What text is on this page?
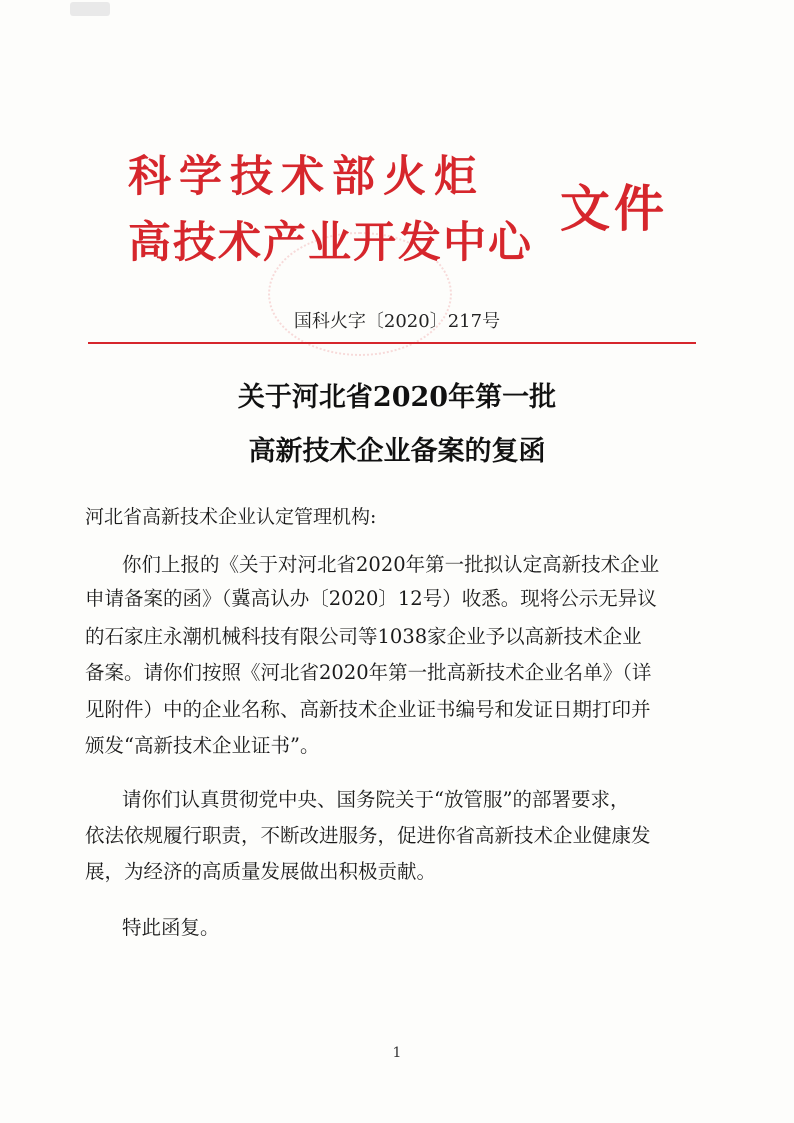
科学技术部火炬
高技术产业开发中心
文件
国科火字〔2020〕217号
关于河北省2020年第一批
高新技术企业备案的复函
河北省高新技术企业认定管理机构:
你们上报的《关于对河北省2020年第一批拟认定高新技术企业
申请备案的函》（冀高认办〔2020〕12号）收悉。现将公示无异议
的石家庄永潮机械科技有限公司等1038家企业予以高新技术企业
备案。请你们按照《河北省2020年第一批高新技术企业名单》（详
见附件）中的企业名称、高新技术企业证书编号和发证日期打印并
颁发“高新技术企业证书”。
请你们认真贯彻党中央、国务院关于“放管服”的部署要求，
依法依规履行职责，不断改进服务，促进你省高新技术企业健康发
展，为经济的高质量发展做出积极贡献。
特此函复。
1
